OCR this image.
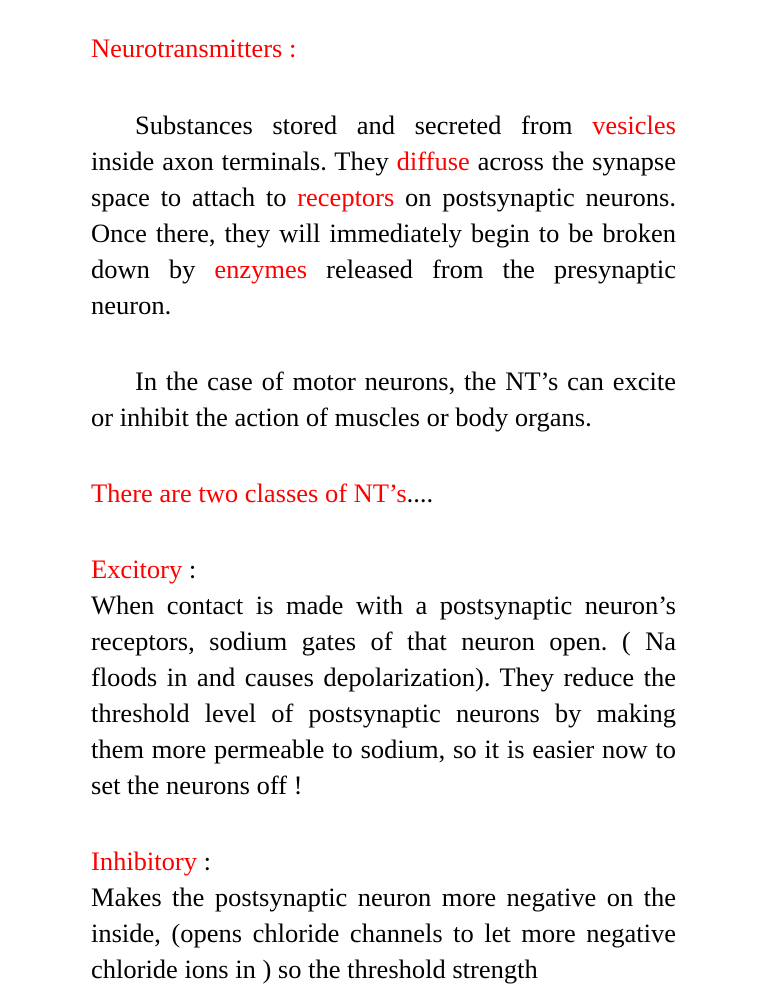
Neurotransmitters :

Substances stored and secreted from vesicles inside axon terminals. They diffuse across the synapse space to attach to receptors on postsynaptic neurons. Once there, they will immediately begin to be broken down by enzymes released from the presynaptic neuron.

In the case of motor neurons, the NT’s can excite or inhibit the action of muscles or body organs.

There are two classes of NT’s....

Excitory :

When contact is made with a postsynaptic neuron’s receptors, sodium gates of that neuron open. ( Na floods in and causes depolarization). They reduce the threshold level of postsynaptic neurons by making them more permeable to sodium, so it is easier now to set the neurons off !

Inhibitory :

Makes the postsynaptic neuron more negative on the inside, (opens chloride channels to let more negative chloride ions in ) so the threshold strength
